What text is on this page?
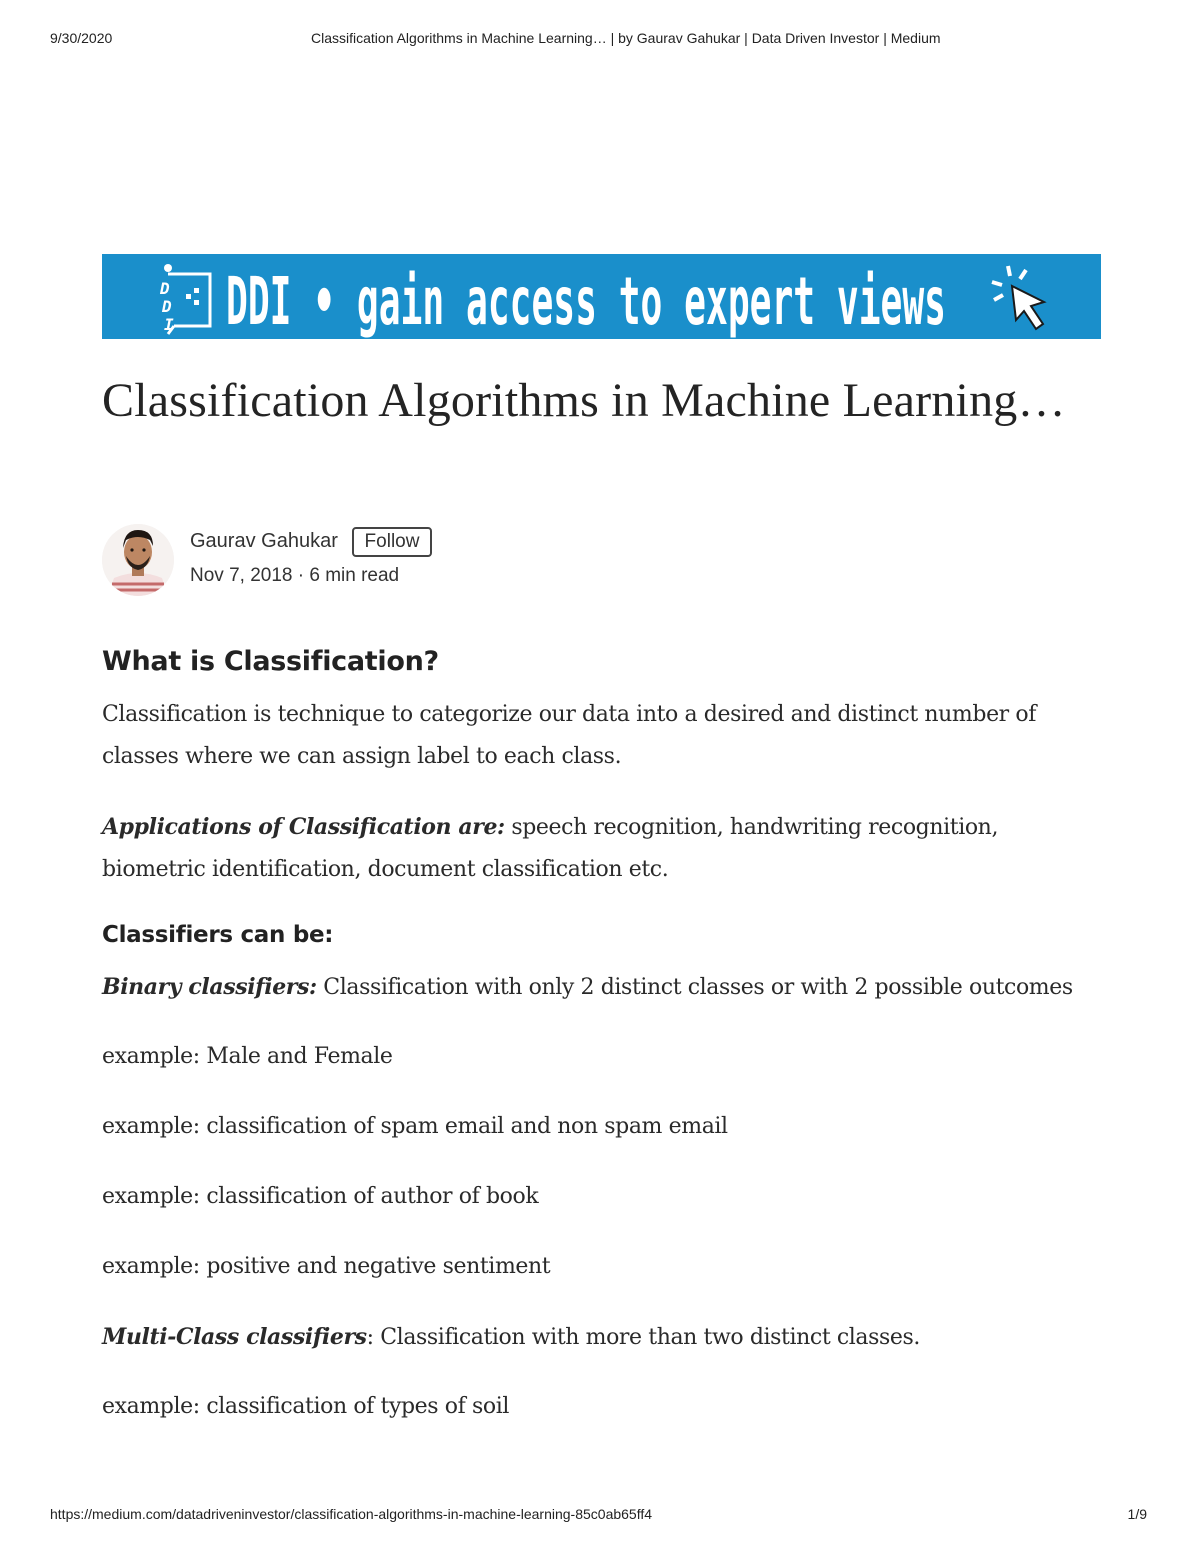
9/30/2020	Classification Algorithms in Machine Learning… | by Gaurav Gahukar | Data Driven Investor | Medium
D
D
I DDI • gain access to expert views
Classification Algorithms in Machine Learning…
Gaurav Gahukar	Follow
Nov 7, 2018 · 6 min read
What is Classification?

Classification is technique to categorize our data into a desired and distinct number of classes where we can assign label to each class.

Applications of Classification are: speech recognition, handwriting recognition, biometric identification, document classification etc.

Classifiers can be:

Binary classifiers: Classification with only 2 distinct classes or with 2 possible outcomes

example: Male and Female

example: classification of spam email and non spam email

example: classification of author of book

example: positive and negative sentiment

Multi-Class classifiers: Classification with more than two distinct classes.

example: classification of types of soil

https://medium.com/datadriveninvestor/classification-algorithms-in-machine-learning-85c0ab65ff4	1/9
